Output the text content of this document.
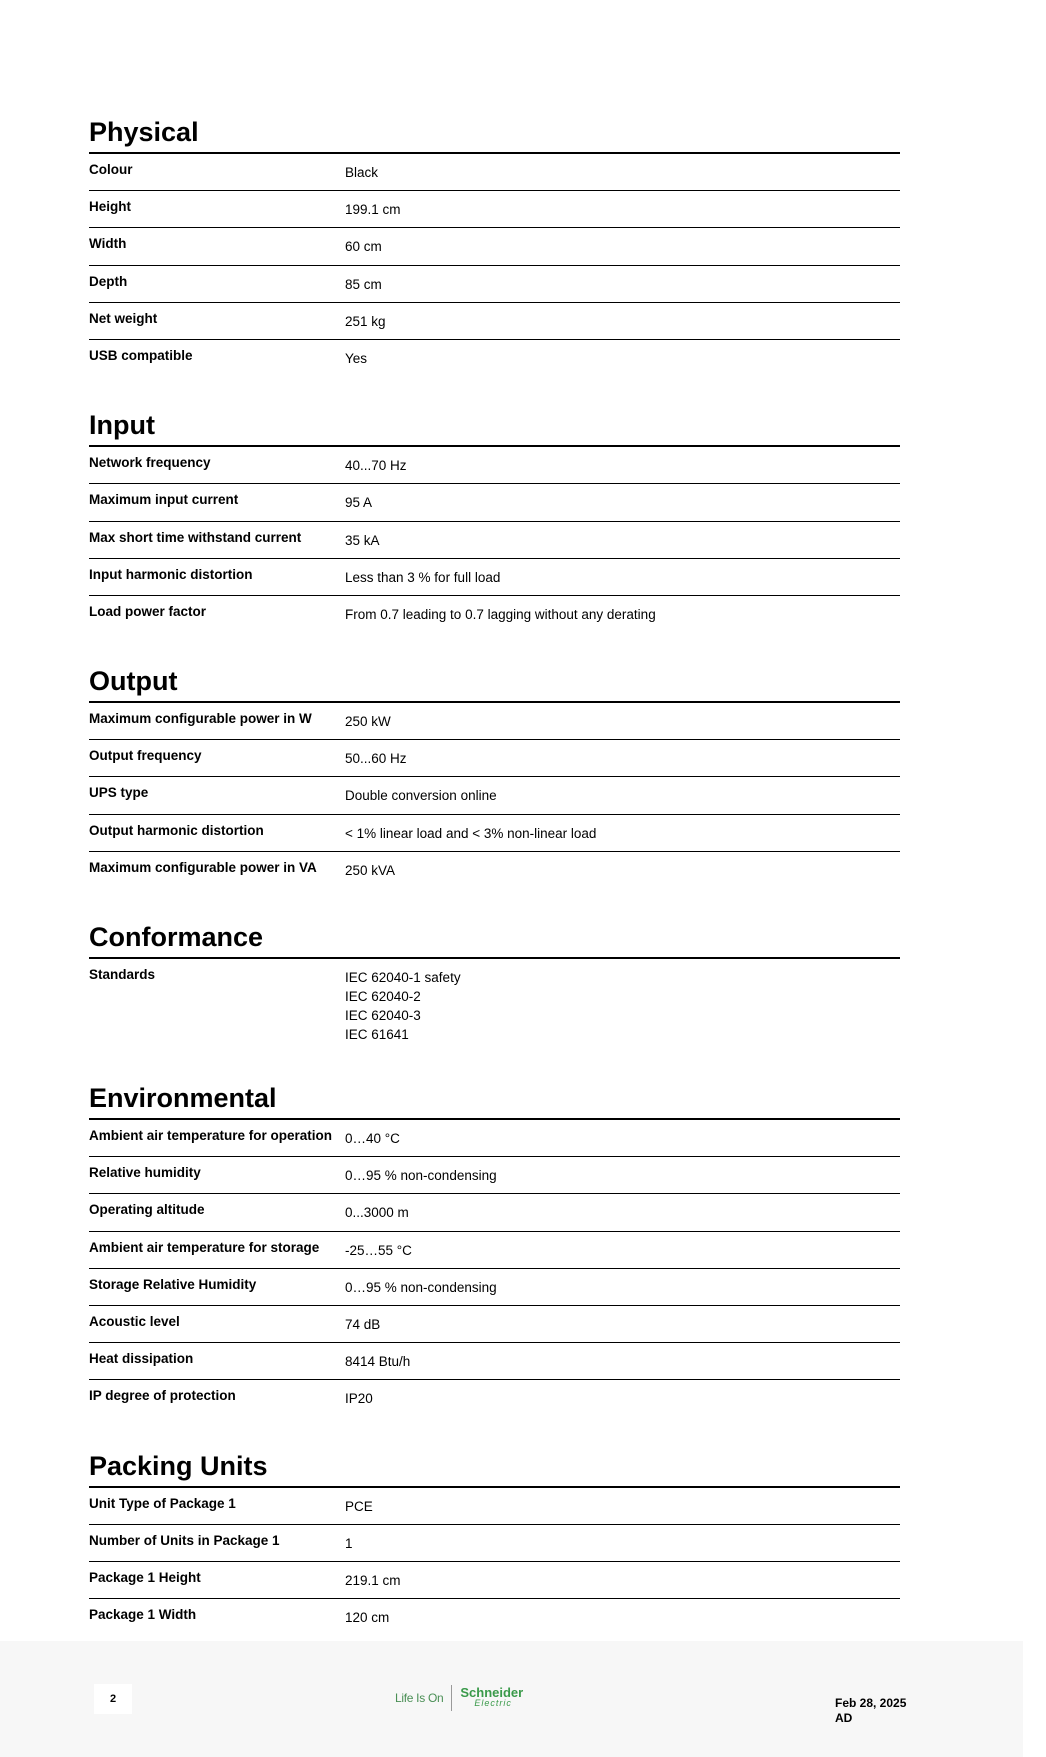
Physical
Colour	Black
Height	199.1 cm
Width	60 cm
Depth	85 cm
Net weight	251 kg
USB compatible	Yes
Input
Network frequency	40...70 Hz
Maximum input current	95 A
Max short time withstand current	35 kA
Input harmonic distortion	Less than 3 % for full load
Load power factor	From 0.7 leading to 0.7 lagging without any derating
Output
Maximum configurable power in W	250 kW
Output frequency	50...60 Hz
UPS type	Double conversion online
Output harmonic distortion	< 1% linear load and < 3% non-linear load
Maximum configurable power in VA	250 kVA
Conformance
Standards	IEC 62040-1 safety
IEC 62040-2
IEC 62040-3
IEC 61641
Environmental
Ambient air temperature for operation 0…40 °C
Relative humidity	0…95 % non-condensing
Operating altitude	0...3000 m
Ambient air temperature for storage	-25…55 °C
Storage Relative Humidity	0…95 % non-condensing
Acoustic level	74 dB
Heat dissipation	8414 Btu/h
IP degree of protection	IP20
Packing Units
Unit Type of Package 1	PCE
Number of Units in Package 1	1
Package 1 Height	219.1 cm
Package 1 Width	120 cm
2	Life Is On Schneider
Electric	Feb 28, 2025
AD
